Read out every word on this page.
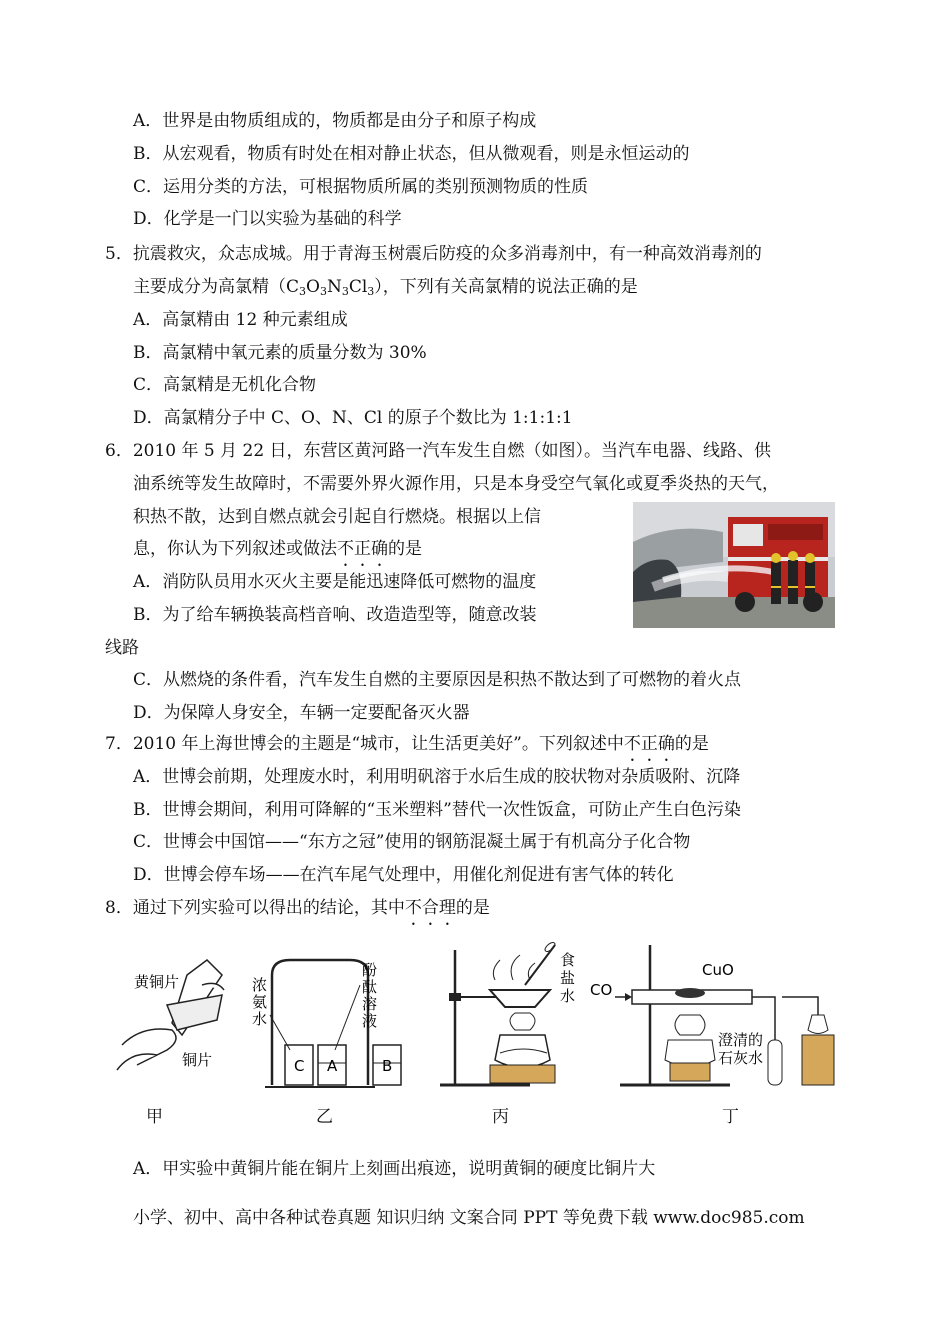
A．世界是由物质组成的，物质都是由分子和原子构成
B．从宏观看，物质有时处在相对静止状态，但从微观看，则是永恒运动的
C．运用分类的方法，可根据物质所属的类别预测物质的性质
D．化学是一门以实验为基础的科学
5．抗震救灾，众志成城。用于青海玉树震后防疫的众多消毒剂中，有一种高效消毒剂的
主要成分为高氯精$(C_3O_3N_3Cl_3)$，下列有关高氯精的说法正确的是
A．高氯精由 12 种元素组成
B．高氯精中氧元素的质量分数为 30%
C．高氯精是无机化合物
D．高氯精分子中 C、O、N、Cl 的原子个数比为 1:1:1:1
6．2010 年 5 月 22 日，东营区黄河路一汽车发生自燃（如图）。当汽车电器、线路、供
油系统等发生故障时，不需要外界火源作用，只是本身受空气氧化或夏季炎热的天气，
积热不散，达到自燃点就会引起自行燃烧。根据以上信
息，你认为下列叙述或做法不正确的是
A．消防队员用水灭火主要是能迅速降低可燃物的温度
B．为了给车辆换装高档音响、改造造型等，随意改装
线路
C．从燃烧的条件看，汽车发生自燃的主要原因是积热不散达到了可燃物的着火点
D．为保障人身安全，车辆一定要配备灭火器
7．2010 年上海世博会的主题是“城市，让生活更美好”。下列叙述中不正确的是
A．世博会前期，处理废水时，利用明矾溶于水后生成的胶状物对杂质吸附、沉降
B．世博会期间，利用可降解的“玉米塑料”替代一次性饭盒，可防止产生白色污染
C．世博会中国馆——“东方之冠”使用的钢筋混凝土属于有机高分子化合物
D．世博会停车场——在汽车尾气处理中，用催化剂促进有害气体的转化
8．通过下列实验可以得出的结论，其中不合理的是
黄铜片
铜片
甲
C A	B
浓
氨
水
酚
酞
溶
液
乙
食
盐
水
丙
CO
CuO
澄清的
石灰水
丁
A．甲实验中黄铜片能在铜片上刻画出痕迹，说明黄铜的硬度比铜片大
小学、初中、高中各种试卷真题 知识归纳 文案合同 PPT 等免费下载 www.doc985.com
